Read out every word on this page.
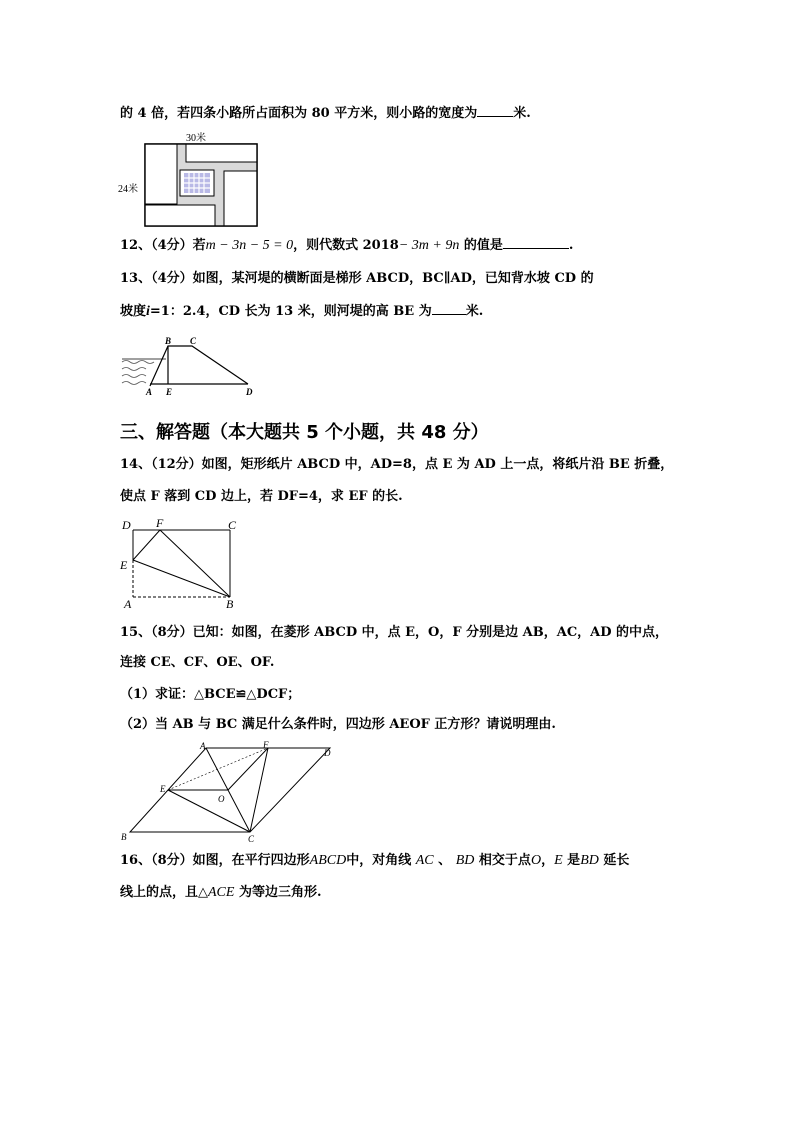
的 4 倍，若四条小路所占面积为 80 平方米，则小路的宽度为	米.
30米
24米
12、（4分）若m − 3n − 5 = 0，则代数式 2018− 3m + 9n 的值是	.
13、（4分）如图，某河堤的横断面是梯形 ABCD，BC∥AD，已知背水坡 CD 的
坡度i=1：2.4，CD 长为 13 米，则河堤的高 BE 为	米.
B C
A E	D
三、解答题（本大题共 5 个小题，共 48 分）
14、（12分）如图，矩形纸片 ABCD 中，AD=8，点 E 为 AD 上一点，将纸片沿 BE 折叠，
使点 F 落到 CD 边上，若 DF=4，求 EF 的长.
D F	C
E
A	B
15、（8分）已知：如图，在菱形 ABCD 中，点 E，O，F 分别是边 AB，AC，AD 的中点，
连接 CE、CF、OE、OF.
（1）求证：△BCE≌△DCF；
（2）当 AB 与 BC 满足什么条件时，四边形 AEOF 正方形？请说明理由.
A	F
D
E
O
B	C
16、（8分）如图，在平行四边形ABCD中，对角线 AC 、 BD 相交于点O，E 是BD 延长
线上的点，且△ACE 为等边三角形.
